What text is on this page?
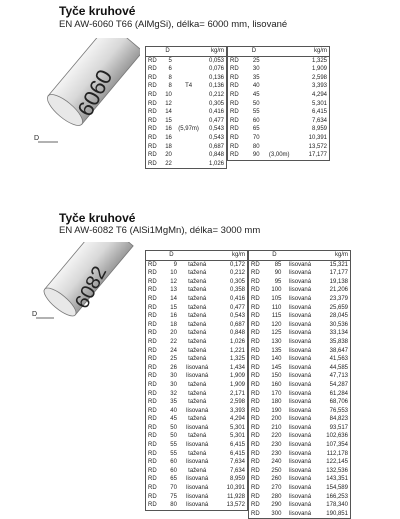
Tyče kruhové
EN AW-6060 T66 (AlMgSi), délka= 6000 mm, lisované
6060
D
	D		kg/m
RD	5		0,053
RD	6		0,076
RD	8		0,136
RD	8	T4	0,136
RD	10		0,212
RD	12		0,305
RD	14		0,416
RD	15		0,477
RD	16	(5,97m)	0,543
RD	16		0,543
RD	18		0,687
RD	20		0,848
RD	22		1,026
	D		kg/m
RD	25		1,325
RD	30		1,909
RD	35		2,598
RD	40		3,393
RD	45		4,294
RD	50		5,301
RD	55		6,415
RD	60		7,634
RD	65		8,959
RD	70		10,391
RD	80		13,572
RD	90	(3,00m)	17,177
Tyče kruhové
EN AW-6082 T6 (AlSi1MgMn), délka= 3000 mm
6082
D
	D		kg/m
RD	9	tažená	0,172
RD	10	tažená	0,212
RD	12	tažená	0,305
RD	13	tažená	0,358
RD	14	tažená	0,416
RD	15	tažená	0,477
RD	16	tažená	0,543
RD	18	tažená	0,687
RD	20	tažená	0,848
RD	22	tažená	1,026
RD	24	tažená	1,221
RD	25	tažená	1,325
RD	26	lisovaná	1,434
RD	30	lisovaná	1,909
RD	30	tažená	1,909
RD	32	tažená	2,171
RD	35	tažená	2,598
RD	40	lisovaná	3,393
RD	45	tažená	4,294
RD	50	lisovaná	5,301
RD	50	tažená	5,301
RD	55	lisovaná	6,415
RD	55	tažená	6,415
RD	60	lisovaná	7,634
RD	60	tažená	7,634
RD	65	lisovaná	8,959
RD	70	lisovaná	10,391
RD	75	lisovaná	11,928
RD	80	lisovaná	13,572
	D		kg/m
RD	85	lisovaná	15,321
RD	90	lisovaná	17,177
RD	95	lisovaná	19,138
RD	100	lisovaná	21,206
RD	105	lisovaná	23,379
RD	110	lisovaná	25,659
RD	115	lisovaná	28,045
RD	120	lisovaná	30,536
RD	125	lisovaná	33,134
RD	130	lisovaná	35,838
RD	135	lisovaná	38,647
RD	140	lisovaná	41,563
RD	145	lisovaná	44,585
RD	150	lisovaná	47,713
RD	160	lisovaná	54,287
RD	170	lisovaná	61,284
RD	180	lisovaná	68,706
RD	190	lisovaná	76,553
RD	200	lisovaná	84,823
RD	210	lisovaná	93,517
RD	220	lisovaná	102,636
RD	230	lisovaná	107,354
RD	230	lisovaná	112,178
RD	240	lisovaná	122,145
RD	250	lisovaná	132,536
RD	260	lisovaná	143,351
RD	270	lisovaná	154,589
RD	280	lisovaná	166,253
RD	290	lisovaná	178,340
RD	300	lisovaná	190,851
